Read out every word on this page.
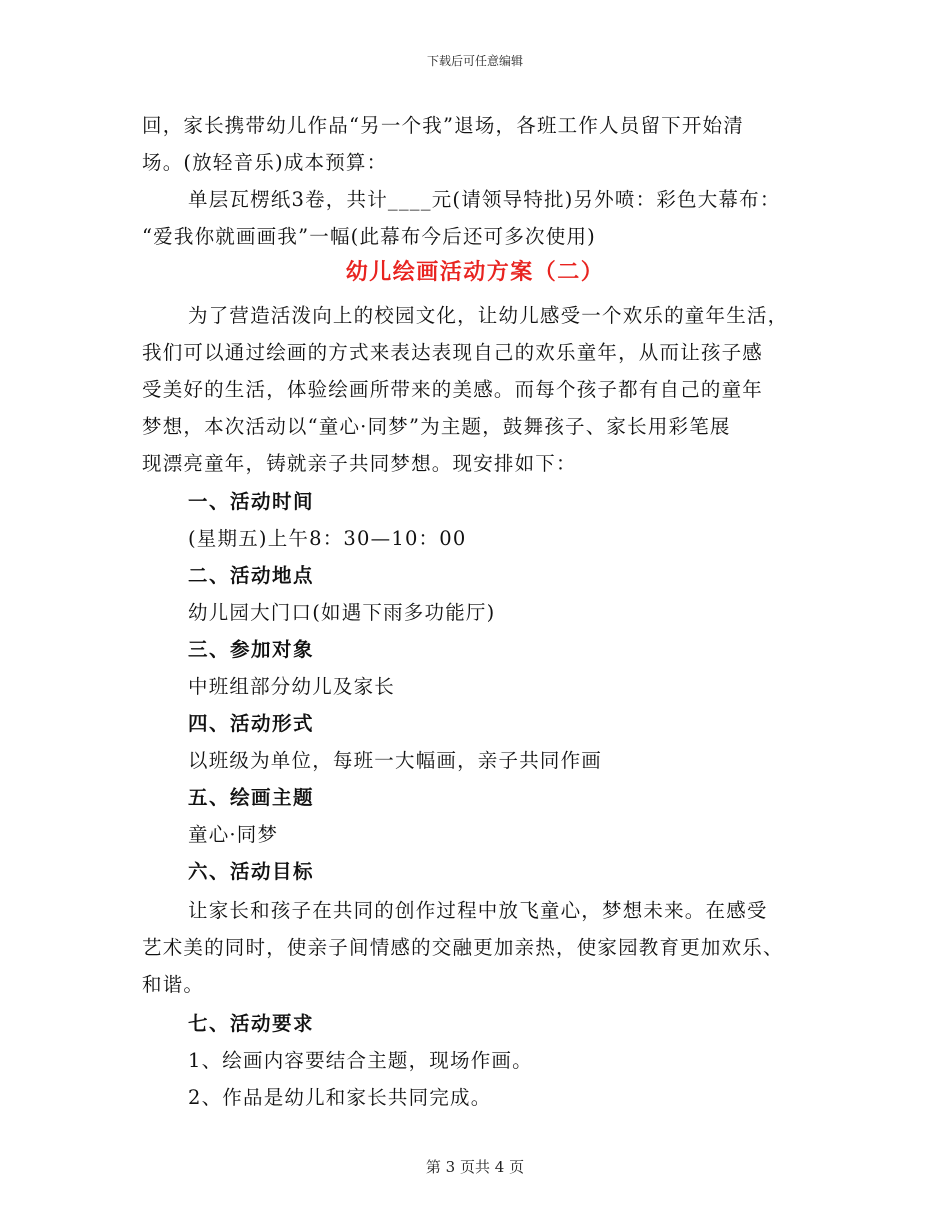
下载后可任意编辑
回，家长携带幼儿作品“另一个我”退场，各班工作人员留下开始清
场。(放轻音乐)成本预算：
单层瓦楞纸3卷，共计____元(请领导特批)另外喷：彩色大幕布：
“爱我你就画画我”一幅(此幕布今后还可多次使用)
幼儿绘画活动方案（二）
为了营造活泼向上的校园文化，让幼儿感受一个欢乐的童年生活，
我们可以通过绘画的方式来表达表现自己的欢乐童年，从而让孩子感
受美好的生活，体验绘画所带来的美感。而每个孩子都有自己的童年
梦想，本次活动以“童心·同梦”为主题，鼓舞孩子、家长用彩笔展
现漂亮童年，铸就亲子共同梦想。现安排如下：
一、活动时间
(星期五)上午8：30—10：00
二、活动地点
幼儿园大门口(如遇下雨多功能厅)
三、参加对象
中班组部分幼儿及家长
四、活动形式
以班级为单位，每班一大幅画，亲子共同作画
五、绘画主题
童心·同梦
六、活动目标
让家长和孩子在共同的创作过程中放飞童心，梦想未来。在感受
艺术美的同时，使亲子间情感的交融更加亲热，使家园教育更加欢乐、
和谐。
七、活动要求
1、绘画内容要结合主题，现场作画。
2、作品是幼儿和家长共同完成。
第 3 页共 4 页
